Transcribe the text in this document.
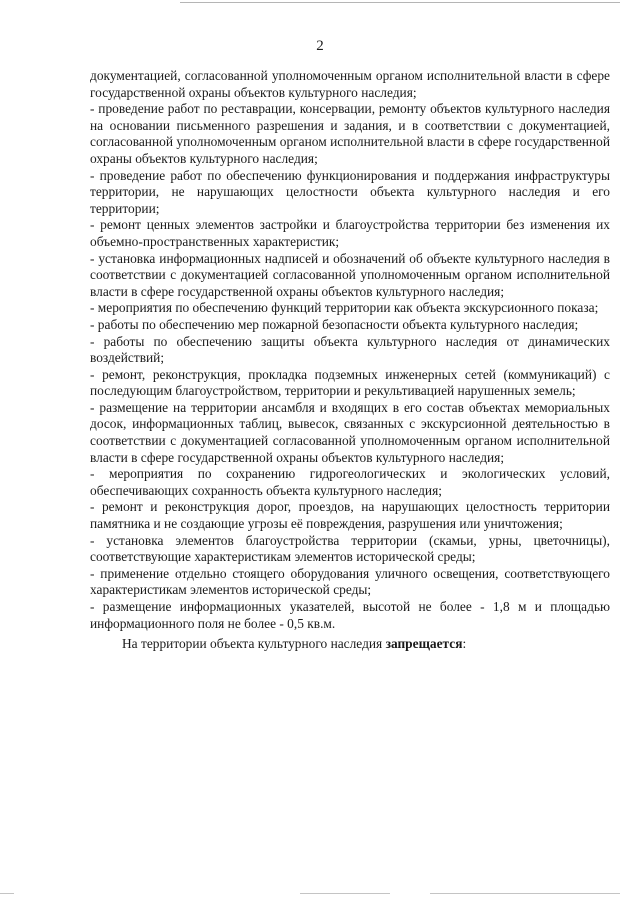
2

документацией, согласованной уполномоченным органом исполнительной власти в сфере государственной охраны объектов культурного наследия;

- проведение работ по реставрации, консервации, ремонту объектов культурного наследия на основании письменного разрешения и задания, и в соответствии с документацией, согласованной уполномоченным органом исполнительной власти в сфере государственной охраны объектов культурного наследия;

- проведение работ по обеспечению функционирования и поддержания инфраструктуры территории, не нарушающих целостности объекта культурного наследия и его территории;

- ремонт ценных элементов застройки и благоустройства территории без изменения их объемно-пространственных характеристик;

- установка информационных надписей и обозначений об объекте культурного наследия в соответствии с документацией согласованной уполномоченным органом исполнительной власти в сфере государственной охраны объектов культурного наследия;

- мероприятия по обеспечению функций территории как объекта экскурсионного показа;

- работы по обеспечению мер пожарной безопасности объекта культурного наследия;

- работы по обеспечению защиты объекта культурного наследия от динамических воздействий;

- ремонт, реконструкция, прокладка подземных инженерных сетей (коммуникаций) с последующим благоустройством, территории и рекультивацией нарушенных земель;

- размещение на территории ансамбля и входящих в его состав объектах мемориальных досок, информационных таблиц, вывесок, связанных с экскурсионной деятельностью в соответствии с документацией согласованной уполномоченным органом исполнительной власти в сфере государственной охраны объектов культурного наследия;

- мероприятия по сохранению гидрогеологических и экологических условий, обеспечивающих сохранность объекта культурного наследия;

- ремонт и реконструкция дорог, проездов, на нарушающих целостность территории памятника и не создающие угрозы её повреждения, разрушения или уничтожения;

- установка элементов благоустройства территории (скамьи, урны, цветочницы), соответствующие характеристикам элементов исторической среды;

- применение отдельно стоящего оборудования уличного освещения, соответствующего характеристикам элементов исторической среды;

- размещение информационных указателей, высотой не более - 1,8 м и площадью информационного поля не более - 0,5 кв.м.

На территории объекта культурного наследия запрещается:
